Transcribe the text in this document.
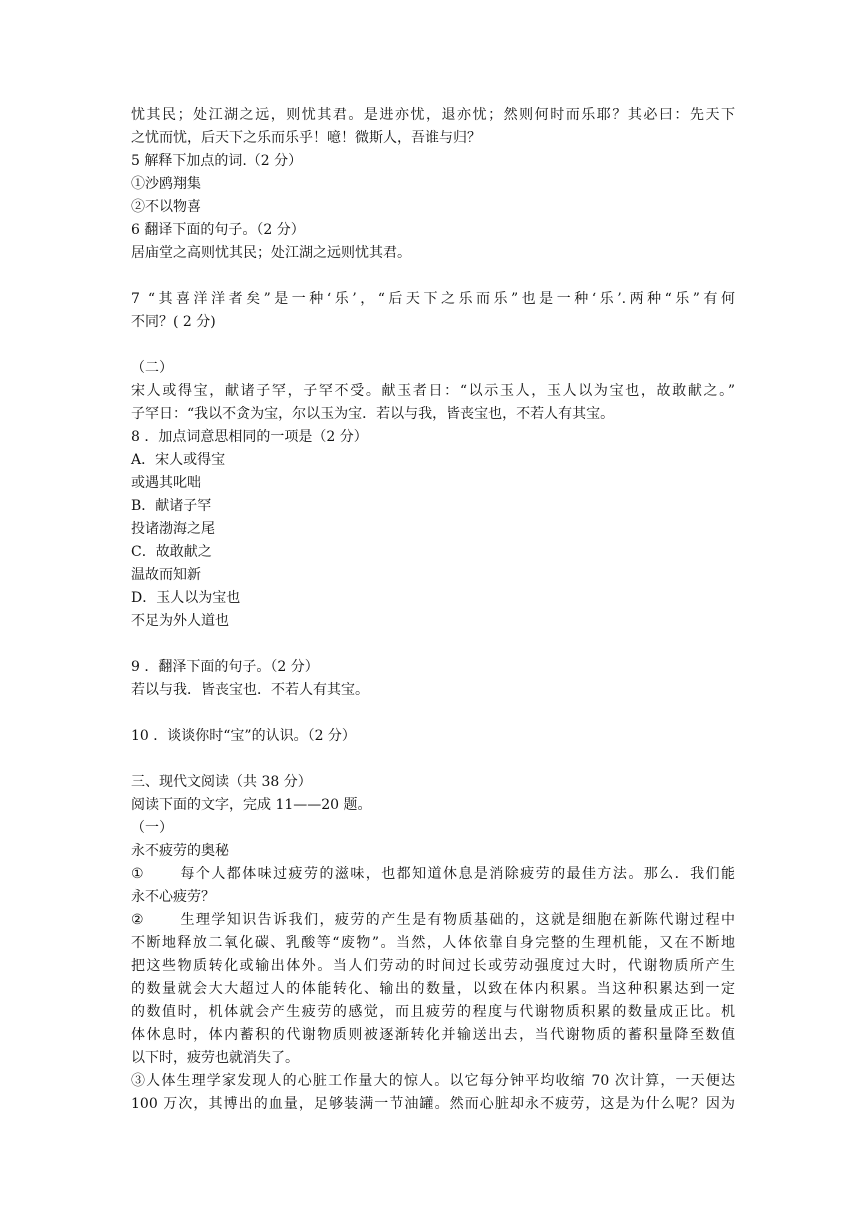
忧其民；处江湖之远，则忧其君。是进亦忧，退亦忧；然则何时而乐耶？其必曰：先天下
之忧而忧，后天下之乐而乐乎！噫！微斯人，吾谁与归？
5 解释下加点的词.（2 分）
①沙鸥翔集
②不以物喜
6 翻译下面的句子。（2 分）
居庙堂之高则忧其民；处江湖之远则忧其君。
7 “其喜洋洋者矣”是一种‘乐’，“后天下之乐而乐”也是一种‘乐’.两种“乐”有何
不同？( 2 分)
（二）
宋人或得宝，献诸子罕，子罕不受。献玉者日：“以示玉人，玉人以为宝也，故敢献之。”
子罕日：“我以不贪为宝，尔以玉为宝．若以与我，皆丧宝也，不若人有其宝。
8 ．加点词意思相同的一项是（2 分）
A．宋人或得宝
或遇其叱咄
B．献诸子罕
投诸渤海之尾
C．故敢献之
温故而知新
D．玉人以为宝也
不足为外人道也
9 ．翻泽下面的句子。（2 分）
若以与我．皆丧宝也．不若人有其宝。
10 ．谈谈你时“宝”的认识。（2 分）
三、现代文阅读（共 38 分）
阅读下面的文字，完成 11——20 题。
（一）
永不疲劳的奥秘
① 每个人都体味过疲劳的滋味，也都知道休息是消除疲劳的最佳方法。那么．我们能
永不心疲劳？
② 生理学知识告诉我们，疲劳的产生是有物质基础的，这就是细胞在新陈代谢过程中
不断地释放二氧化碳、乳酸等“废物”。当然，人体依靠自身完整的生理机能，又在不断地
把这些物质转化或输出体外。当人们劳动的时间过长或劳动强度过大时，代谢物质所产生
的数量就会大大超过人的体能转化、输出的数量，以致在体内积累。当这种积累达到一定
的数值时，机体就会产生疲劳的感觉，而且疲劳的程度与代谢物质积累的数量成正比。机
体休息时，体内蓄积的代谢物质则被逐渐转化并输送出去，当代谢物质的蓄积量降至数值
以下时，疲劳也就消失了。
③人体生理学家发现人的心脏工作量大的惊人。以它每分钟平均收缩 70 次计算，一天便达
100 万次，其博出的血量，足够装满一节油罐。然而心脏却永不疲劳，这是为什么呢？因为
